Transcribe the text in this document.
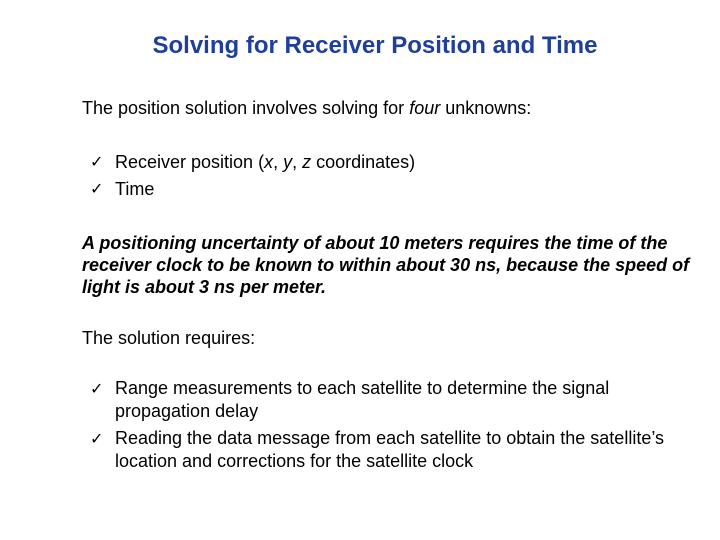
Solving for Receiver Position and Time

The position solution involves solving for four unknowns:

✓ Receiver position (x, y, z coordinates)
✓ Time

A positioning uncertainty of about 10 meters requires the time of the receiver clock to be known to within about 30 ns, because the speed of light is about 3 ns per meter.

The solution requires:

✓ Range measurements to each satellite to determine the signal propagation delay
✓ Reading the data message from each satellite to obtain the satellite’s location and corrections for the satellite clock
